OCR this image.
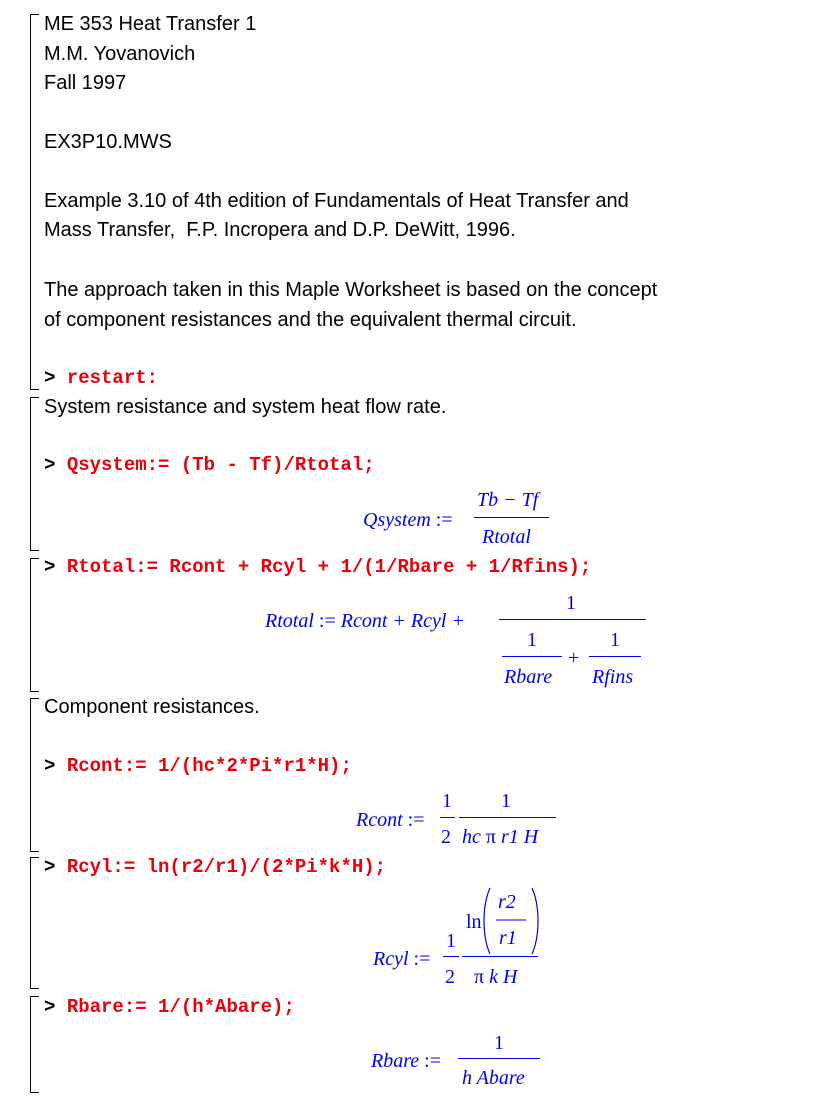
ME 353 Heat Transfer 1
M.M. Yovanovich
Fall 1997
EX3P10.MWS
Example 3.10 of 4th edition of Fundamentals of Heat Transfer and
Mass Transfer,  F.P. Incropera and D.P. DeWitt, 1996.
The approach taken in this Maple Worksheet is based on the concept
of component resistances and the equivalent thermal circuit.
> restart:
System resistance and system heat flow rate.
> Qsystem:= (Tb - Tf)/Rtotal;
Qsystem :=
Tb − Tf
Rtotal
> Rtotal:= Rcont + Rcyl + 1/(1/Rbare + 1/Rfins);
Rtotal := Rcont + Rcyl +
1
1
Rbare
+
1
Rfins
Component resistances.
> Rcont:= 1/(hc*2*Pi*r1*H);
Rcont :=
1
2
1
hc π r1 H
> Rcyl:= ln(r2/r1)/(2*Pi*k*H);
Rcyl :=
1
2
ln
r2
r1
π k H
> Rbare:= 1/(h*Abare);
Rbare :=
1
h Abare
